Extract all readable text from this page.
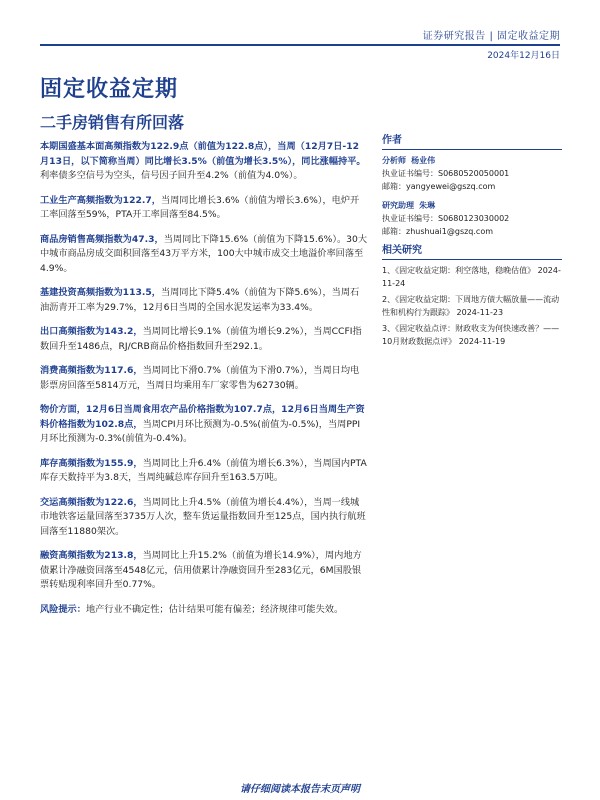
证券研究报告 | 固定收益定期
2024年12月16日
固定收益定期
二手房销售有所回落

本期国盛基本面高频指数为122.9点（前值为122.8点），当周（12月7日-12月13日，以下简称当周）同比增长3.5%（前值为增长3.5%），同比涨幅持平。利率债多空信号为空头，信号因子回升至4.2%（前值为4.0%）。

工业生产高频指数为122.7，当周同比增长3.6%（前值为增长3.6%），电炉开工率回落至59%，PTA开工率回落至84.5%。

商品房销售高频指数为47.3，当周同比下降15.6%（前值为下降15.6%）。30大中城市商品房成交面积回落至43万平方米，100大中城市成交土地溢价率回落至4.9%。

基建投资高频指数为113.5，当周同比下降5.4%（前值为下降5.6%），当周石油沥青开工率为29.7%，12月6日当周的全国水泥发运率为33.4%。

出口高频指数为143.2，当周同比增长9.1%（前值为增长9.2%），当周CCFI指数回升至1486点，RJ/CRB商品价格指数回升至292.1。

消费高频指数为117.6，当周同比下滑0.7%（前值为下滑0.7%），当周日均电影票房回落至5814万元，当周日均乘用车厂家零售为62730辆。

物价方面，12月6日当周食用农产品价格指数为107.7点，12月6日当周生产资料价格指数为102.8点，当周CPI月环比预测为-0.5%(前值为-0.5%)，当周PPI月环比预测为-0.3%(前值为-0.4%)。

库存高频指数为155.9，当周同比上升6.4%（前值为增长6.3%），当周国内PTA库存天数持平为3.8天，当周纯碱总库存回升至163.5万吨。

交运高频指数为122.6，当周同比上升4.5%（前值为增长4.4%），当周一线城市地铁客运量回落至3735万人次，整车货运量指数回升至125点，国内执行航班回落至11880架次。

融资高频指数为213.8，当周同比上升15.2%（前值为增长14.9%），周内地方债累计净融资回落至4548亿元，信用债累计净融资回升至283亿元，6M国股银票转贴现利率回升至0.77%。

风险提示：地产行业不确定性；估计结果可能有偏差；经济规律可能失效。

作者
分析师 杨业伟
执业证书编号：S0680520050001
邮箱：yangyewei@gszq.com
研究助理 朱琳
执业证书编号：S0680123030002
邮箱：zhushuai1@gszq.com
相关研究

1、《固定收益定期：利空落地，稳晚估值》 2024-11-24

2、《固定收益定期：下周地方债大幅放量——流动性和机构行为跟踪》 2024-11-23

3、《固定收益点评：财政收支为何快速改善？——10月财政数据点评》 2024-11-19

请仔细阅读本报告末页声明
